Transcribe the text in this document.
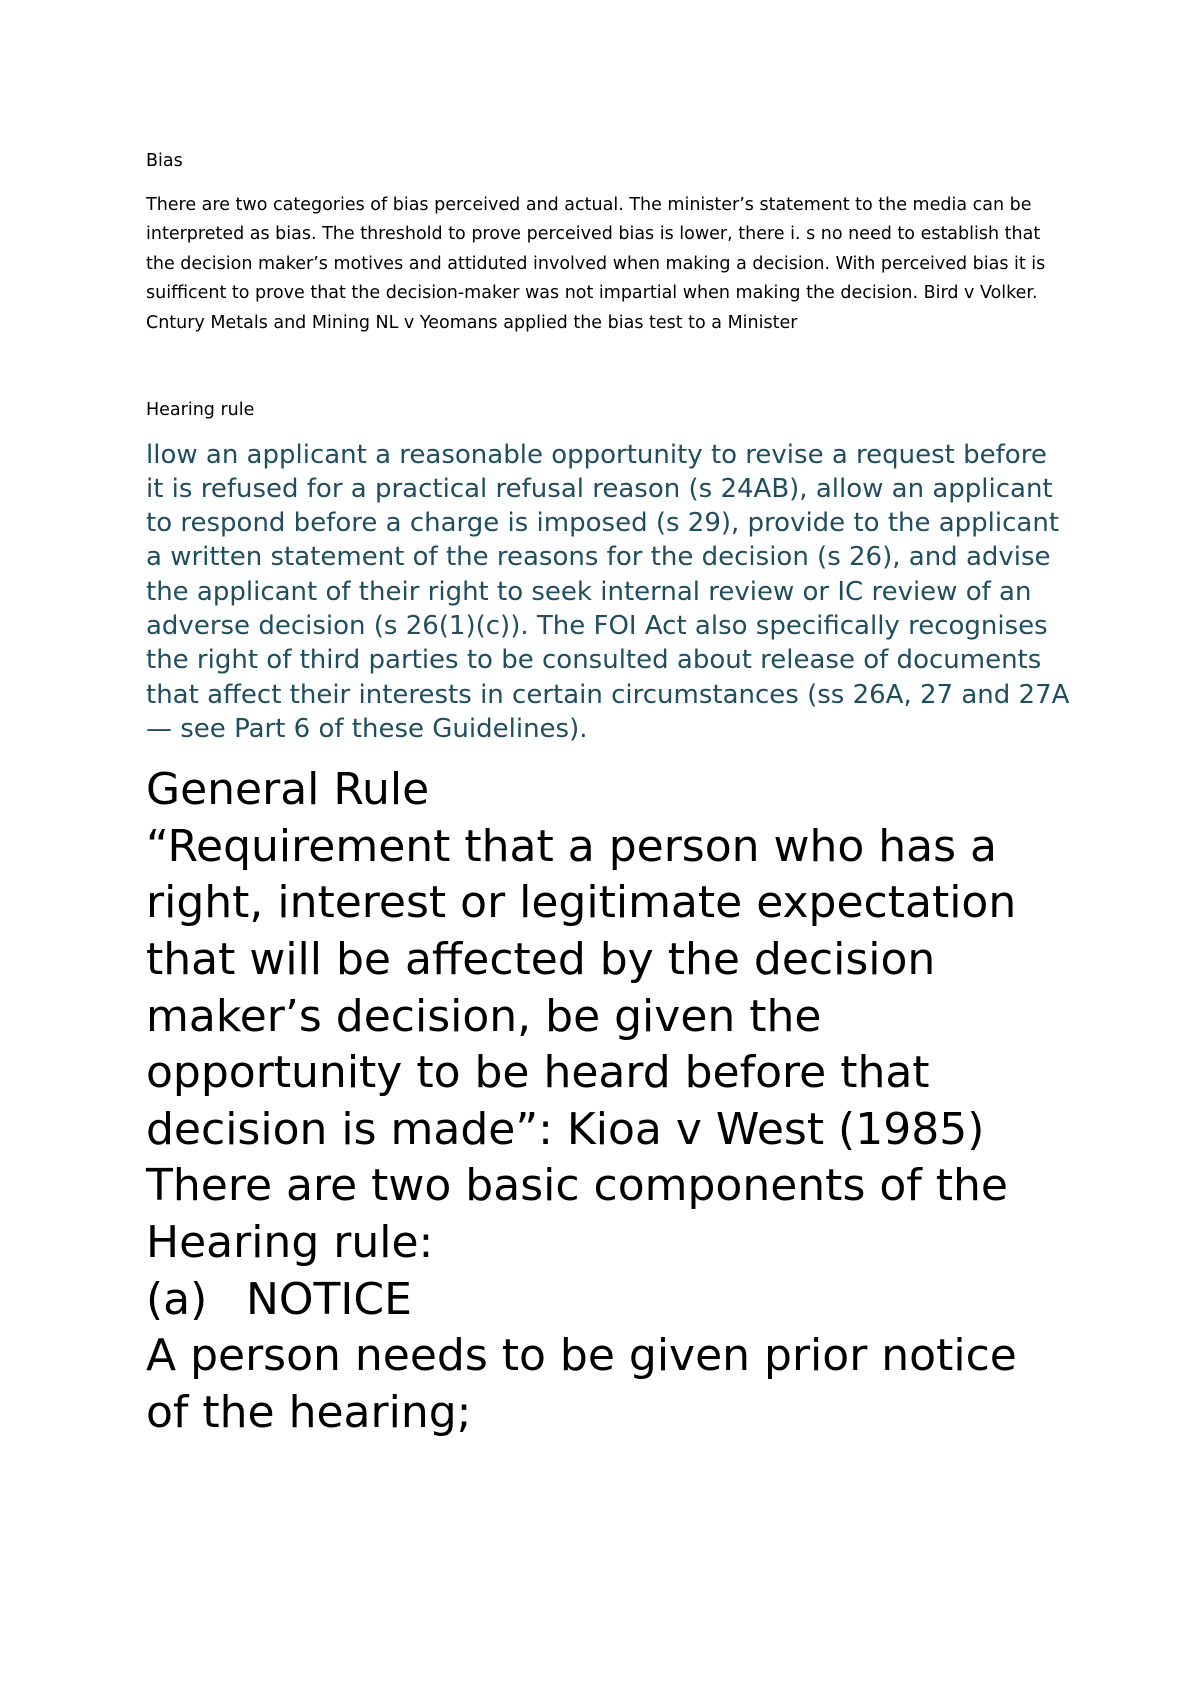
Bias

There are two categories of bias perceived and actual. The minister’s statement to the media can be interpreted as bias. The threshold to prove perceived bias is lower, there i. s no need to establish that the decision maker’s motives and attiduted involved when making a decision. With perceived bias it is suifficent to prove that the decision-maker was not impartial when making the decision. Bird v Volker. Cntury Metals and Mining NL v Yeomans applied the bias test to a Minister

Hearing rule

llow an applicant a reasonable opportunity to revise a request before it is refused for a practical refusal reason (s 24AB), allow an applicant to respond before a charge is imposed (s 29), provide to the applicant a written statement of the reasons for the decision (s 26), and advise the applicant of their right to seek internal review or IC review of an adverse decision (s 26(1)(c)). The FOI Act also specifically recognises the right of third parties to be consulted about release of documents that affect their interests in certain circumstances (ss 26A, 27 and 27A — see Part 6 of these Guidelines).

General Rule

“Requirement that a person who has a right, interest or legitimate expectation that will be affected by the decision maker’s decision, be given the opportunity to be heard before that decision is made”: Kioa v West (1985)

There are two basic components of the Hearing rule:

(a) NOTICE

A person needs to be given prior notice of the hearing;
